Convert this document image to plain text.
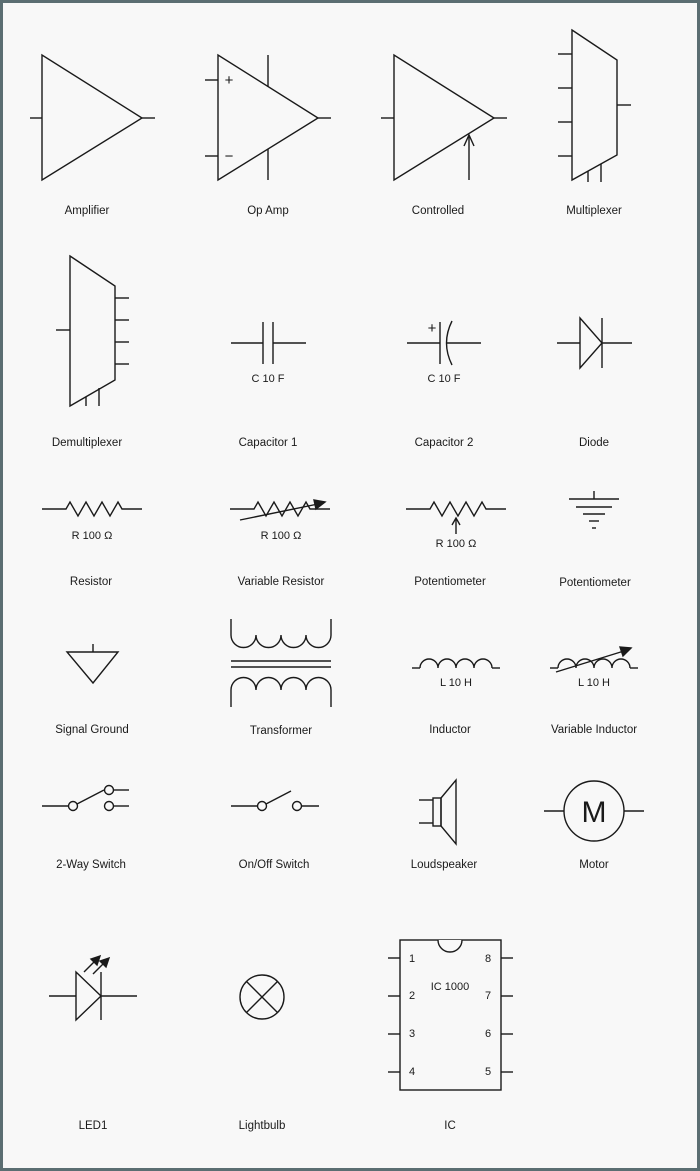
Amplifier
+
−
Op Amp	Controlled	Multiplexer
Demultiplexer
C 10 F
Capacitor 1
+
C 10 F
Capacitor 2	Diode
R 100 Ω
Resistor
R 100 Ω
Variable Resistor
R 100 Ω
Potentiometer	Potentiometer
Signal Ground	Transformer
L 10 H
Inductor
L 10 H
Variable Inductor
2-Way Switch	On/Off Switch	Loudspeaker
M
Motor
LED1	Lightbulb
IC 1000
1
2
3
4
8
7
6
5
IC
